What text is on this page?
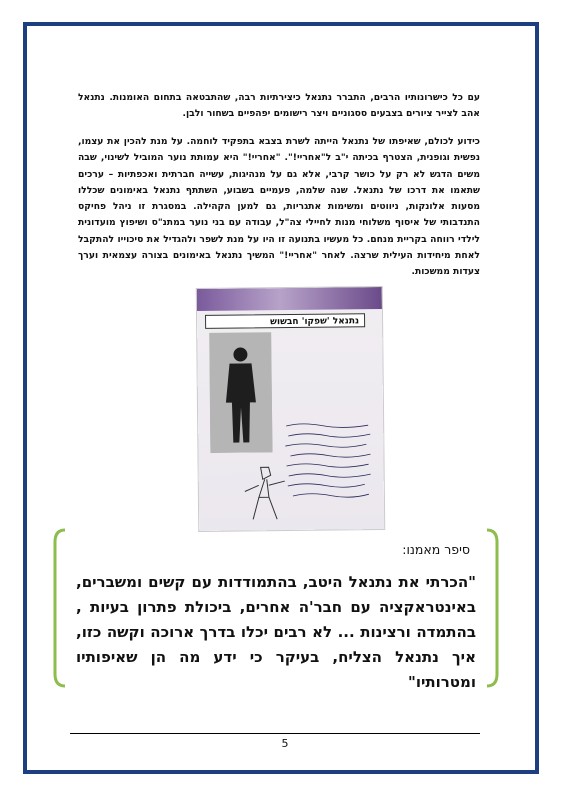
עם כל כישרונותיו הרבים, התברר נתנאל כיצירתיות רבה, שהתבטאה בתחום האומנות. נתנאל אהב לצייר ציורים בצבעים ססגוניים ויצר רישומים יפהפיים בשחור ולבן.

כידוע לכולם, שאיפתו של נתנאל הייתה לשרת בצבא בתפקיד לוחמה. על מנת להכין את עצמו, נפשית וגופנית, הצטרף בכיתה י"ב ל"אחריי!". "אחריי!" היא עמותת נוער המוביל לשינוי, שבה משים הדגש לא רק על כושר קרבי, אלא גם על מנהיגות, עשייה חברתית ואכפתיות – ערכים שתאמו את דרכו של נתנאל. שנה שלמה, פעמיים בשבוע, השתתף נתנאל באימונים שכללו מסעות אלונקות, ניווטים ומשימות אתגריות, גם למען הקהילה. במסגרת זו ניהל פחיקס התנדבותי של איסוף משלוחי מנות לחיילי צה"ל, עבודה עם בני נוער במתנ"ס ושיפוץ מועדונית לילדי רווחה בקריית מנחם. כל מעשיו בתנועה זו היו על מנת לשפר ולהגדיל את סיכוייו להתקבל לאחת מיחידות העילית שרצה. לאחר "אחריי!" המשיך נתנאל באימונים בצורה עצמאית וערך צעדות ממשכות.

נתנאל 'שפקו' חבשוש

סיפר מאמנו:

"הכרתי את נתנאל היטב, בהתמודדות עם קשים ומשברים, באינטראקציה עם חבר'ה אחרים, ביכולת פתרון בעיות , בהתמדה ורצינות ... לא רבים יכלו בדרך ארוכה וקשה כזו, איך נתנאל הצליח, בעיקר כי ידע מה הן שאיפותיו ומטרותיו"

5
